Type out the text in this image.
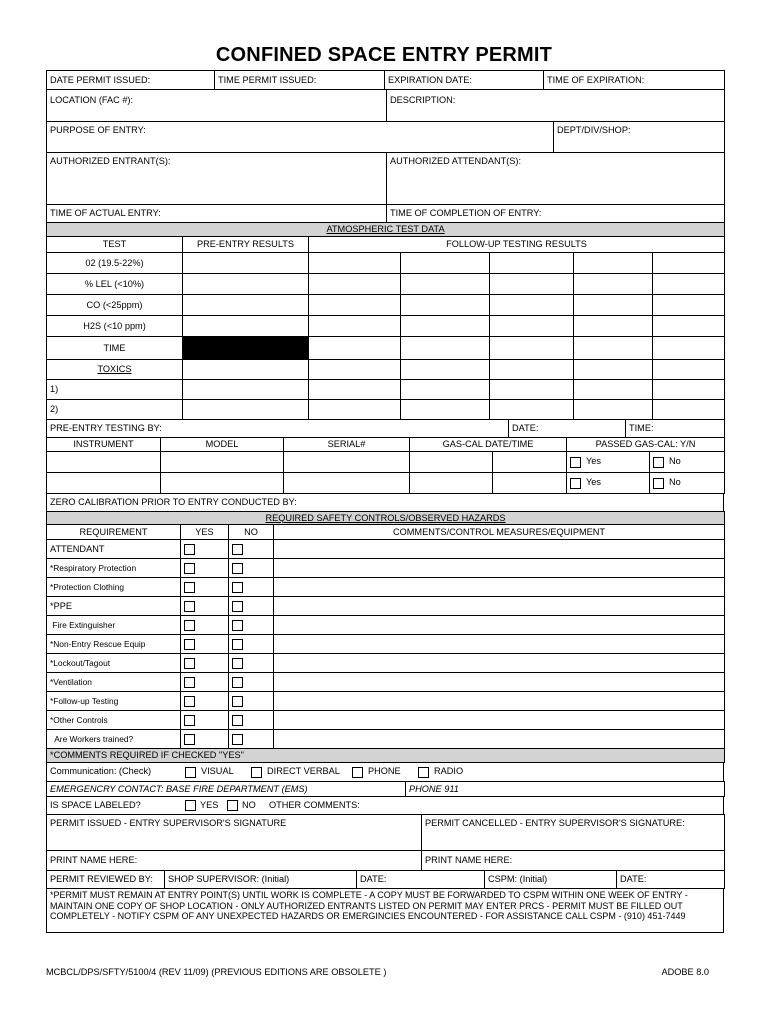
CONFINED SPACE ENTRY PERMIT
DATE PERMIT ISSUED:	TIME PERMIT ISSUED:	EXPIRATION DATE:	TIME OF EXPIRATION:
LOCATION (FAC #):	DESCRIPTION:
PURPOSE OF ENTRY:	DEPT/DIV/SHOP:
AUTHORIZED ENTRANT(S):	AUTHORIZED ATTENDANT(S):
TIME OF ACTUAL ENTRY:	TIME OF COMPLETION OF ENTRY:
ATMOSPHERIC TEST DATA						
TEST	PRE-ENTRY RESULTS	FOLLOW-UP TESTING RESULTS				
02 (19.5-22%)						
% LEL (<10%)						
CO (<25ppm)						
H2S (<10 ppm)						
TIME						
TOXICS						
1)						
2)						
PRE-ENTRY TESTING BY:	DATE:	TIME:
INSTRUMENT	MODEL	SERIAL#	GAS-CAL DATE/TIME		PASSED GAS-CAL: Y/N	
					Yes	No
					Yes	No
ZERO CALIBRATION PRIOR TO ENTRY CONDUCTED BY:
REQUIRED SAFETY CONTROLS/OBSERVED HAZARDS			
REQUIREMENT	YES	NO	COMMENTS/CONTROL MEASURES/EQUIPMENT
ATTENDANT			
*Respiratory Protection			
*Protection Clothing			
*PPE			
Fire Extinguisher			
*Non-Entry Rescue Equip			
*Lockout/Tagout			
*Ventilation			
*Follow-up Testing			
*Other Controls			
Are Workers trained?			
*COMMENTS REQUIRED IF CHECKED "YES"			
Communication: (Check)	VISUAL	DIRECT VERBAL	PHONE	RADIO
EMERGENCRY CONTACT: BASE FIRE DEPARTMENT (EMS)	PHONE 911
IS SPACE LABELED?	YES	NO OTHER COMMENTS:
PERMIT ISSUED - ENTRY SUPERVISOR'S SIGNATURE	PERMIT CANCELLED - ENTRY SUPERVISOR'S SIGNATURE:
PRINT NAME HERE:	PRINT NAME HERE:
PERMIT REVIEWED BY:	SHOP SUPERVISOR: (Initial)	DATE:	CSPM: (Initial)	DATE:
*PERMIT MUST REMAIN AT ENTRY POINT(S) UNTIL WORK IS COMPLETE - A COPY MUST BE FORWARDED TO CSPM WITHIN ONE WEEK OF ENTRY - MAINTAIN ONE COPY OF SHOP LOCATION - ONLY AUTHORIZED ENTRANTS LISTED ON PERMIT MAY ENTER PRCS - PERMIT MUST BE FILLED OUT COMPLETELY - NOTIFY CSPM OF ANY UNEXPECTED HAZARDS OR EMERGINCIES ENCOUNTERED - FOR ASSISTANCE CALL CSPM - (910) 451-7449
MCBCL/DPS/SFTY/5100/4 (REV 11/09) (PREVIOUS EDITIONS ARE OBSOLETE )	ADOBE 8.0
